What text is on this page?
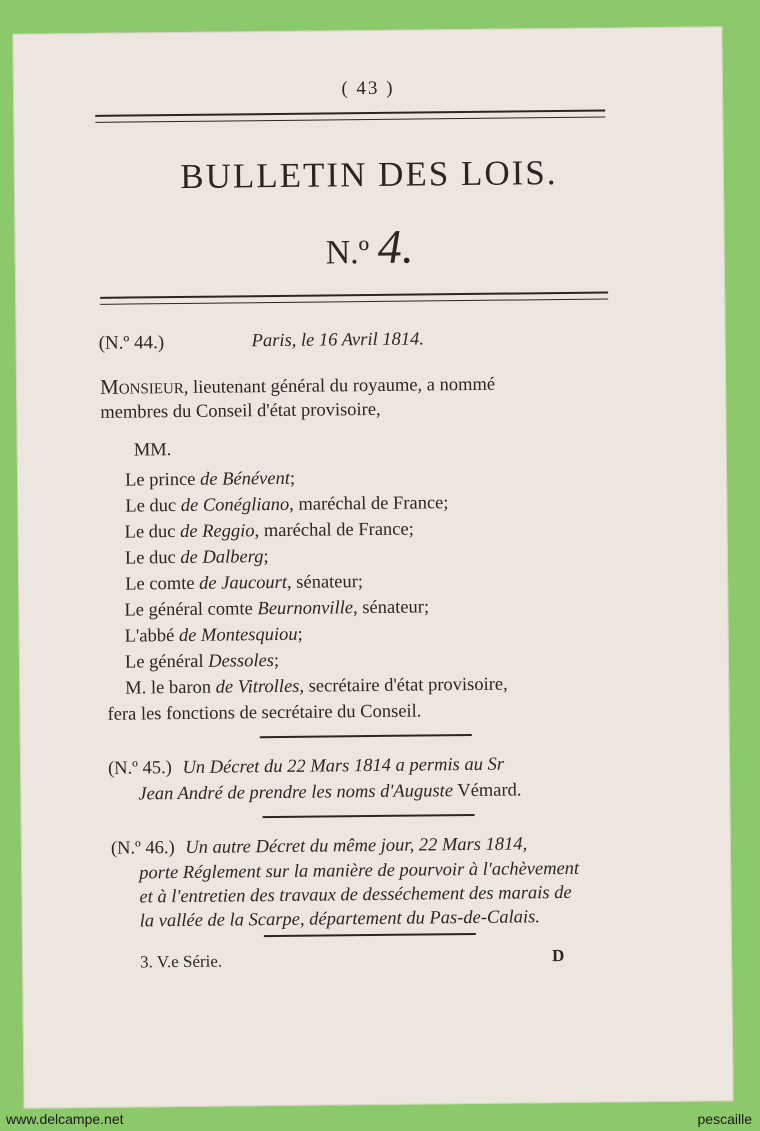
( 43 )
BULLETIN DES LOIS.
N.º 4.
(N.º 44.)	Paris, le 16 Avril 1814.
Monsieur, lieutenant général du royaume, a nommé
membres du Conseil d'état provisoire,
MM.
Le prince de Bénévent;
Le duc de Conégliano, maréchal de France;
Le duc de Reggio, maréchal de France;
Le duc de Dalberg;
Le comte de Jaucourt, sénateur;
Le général comte Beurnonville, sénateur;
L'abbé de Montesquiou;
Le général Dessoles;
M. le baron de Vitrolles, secrétaire d'état provisoire,
fera les fonctions de secrétaire du Conseil.
(N.º 45.) Un Décret du 22 Mars 1814 a permis au Sr
Jean André de prendre les noms d'Auguste Vémard.
(N.º 46.) Un autre Décret du même jour, 22 Mars 1814,
porte Réglement sur la manière de pourvoir à l'achèvement
et à l'entretien des travaux de desséchement des marais de
la vallée de la Scarpe, département du Pas-de-Calais.
3. V.e Série.	D
www.delcampe.net	pescaille
